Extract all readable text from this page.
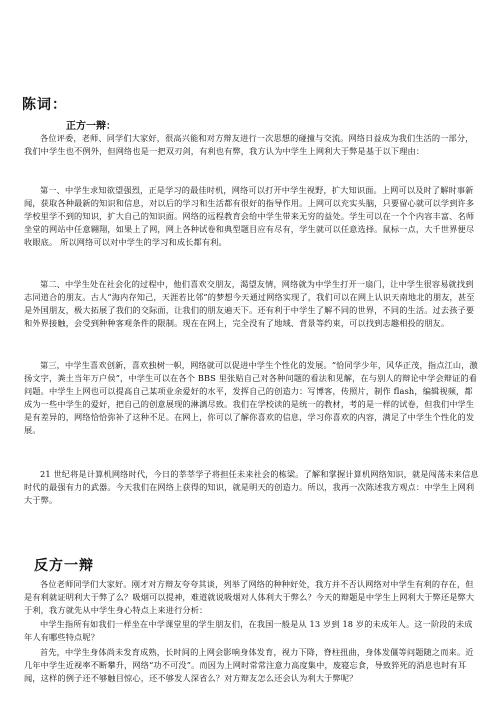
陈词：
正方一辩：

各位评委，老师、同学们大家好，很高兴能和对方辩友进行一次思想的碰撞与交流。网络日益成为我们生活的一部分，我们中学生也不例外，但网络也是一把双刃剑，有利也有弊，我方认为中学生上网利大于弊是基于以下理由：

第一、中学生求知欲望强烈，正是学习的最佳时机，网络可以打开中学生视野，扩大知识面。上网可以及时了解时事新闻，获取各种最新的知识和信息，对以后的学习和生活都有很好的指导作用。上网可以充实头脑，只要留心就可以学到许多学校里学不到的知识，扩大自己的知识面。网络的远程教育会给中学生带来无穷的益处。学生可以在一个个内容丰富、名师坐堂的网站中任意翱翔，如果上了网，网上各种试卷和典型题目应有尽有，学生就可以任意选择。鼠标一点，大千世界便尽收眼底。 所以网络可以对中学生的学习和成长都有利。

第二、中学生处在社会化的过程中，他们喜欢交朋友，渴望友情，网络就为中学生打开一扇门，让中学生很容易就找到志同道合的朋友。古人“海内存知己，天涯若比邻”的梦想今天通过网络实现了，我们可以在网上认识天南地北的朋友，甚至是外国朋友，极大拓展了我们的交际面，让我们的朋友遍天下。还有利于中学生了解不同的世界，不同的生活。过去孩子要和外界接触，会受到种种客观条件的限制。现在在网上，完全没有了地域、背景等约束，可以找到志趣相投的朋友。

第三，中学生喜欢创新，喜欢独树一帜，网络就可以促进中学生个性化的发展。“恰同学少年，风华正茂，指点江山，激扬文字，粪土当年万户侯”，中学生可以在各个 BBS 里张贴自己对各种问题的看法和见解，在与别人的辩论中学会辩证的看问题。中学生上网也可以提高自己某项业余爱好的水平，发挥自己的创造力：写博客，传照片，制作 flash，编辑视频，都成为一些中学生的爱好，把自己的创意展现的淋漓尽致。我们在学校读的是统一的教材，考的是一样的试卷，但我们中学生是有差异的，网络恰恰弥补了这种不足。在网上，你可以了解你喜欢的信息，学习你喜欢的内容，满足了中学生个性化的发展。

21 世纪将是计算机网络时代，今日的莘莘学子将担任未来社会的栋梁。了解和掌握计算机网络知识，就是闯荡未来信息时代的最强有力的武器。今天我们在网络上获得的知识，就是明天的创造力。所以，我再一次陈述我方观点：中学生上网利大于弊。

反方一辩

各位老师同学们大家好。刚才对方辩友夸夸其谈，列举了网络的种种好处，我方并不否认网络对中学生有利的存在，但是有利就证明利大于弊了么？吸烟可以提神，难道就说吸烟对人体利大于弊么？今天的辩题是中学生上网利大于弊还是弊大于利，我方就先从中学生身心特点上来进行分析：

中学生指所有如我们一样坐在中学课堂里的学生朋友们，在我国一般是从 13 岁到 18 岁的未成年人。这一阶段的未成年人有哪些特点呢？

首先，中学生身体尚未发育成熟，长时间的上网会影响身体发育，视力下降，脊柱扭曲，身体发僵等问题随之而来。近几年中学生近视率不断攀升，网络“功不可没”。而因为上网时常常注意力高度集中，废寝忘食，导致猝死的消息也时有耳闻，这样的例子还不够触目惊心，还不够发人深省么？对方辩友怎么还会认为利大于弊呢？
